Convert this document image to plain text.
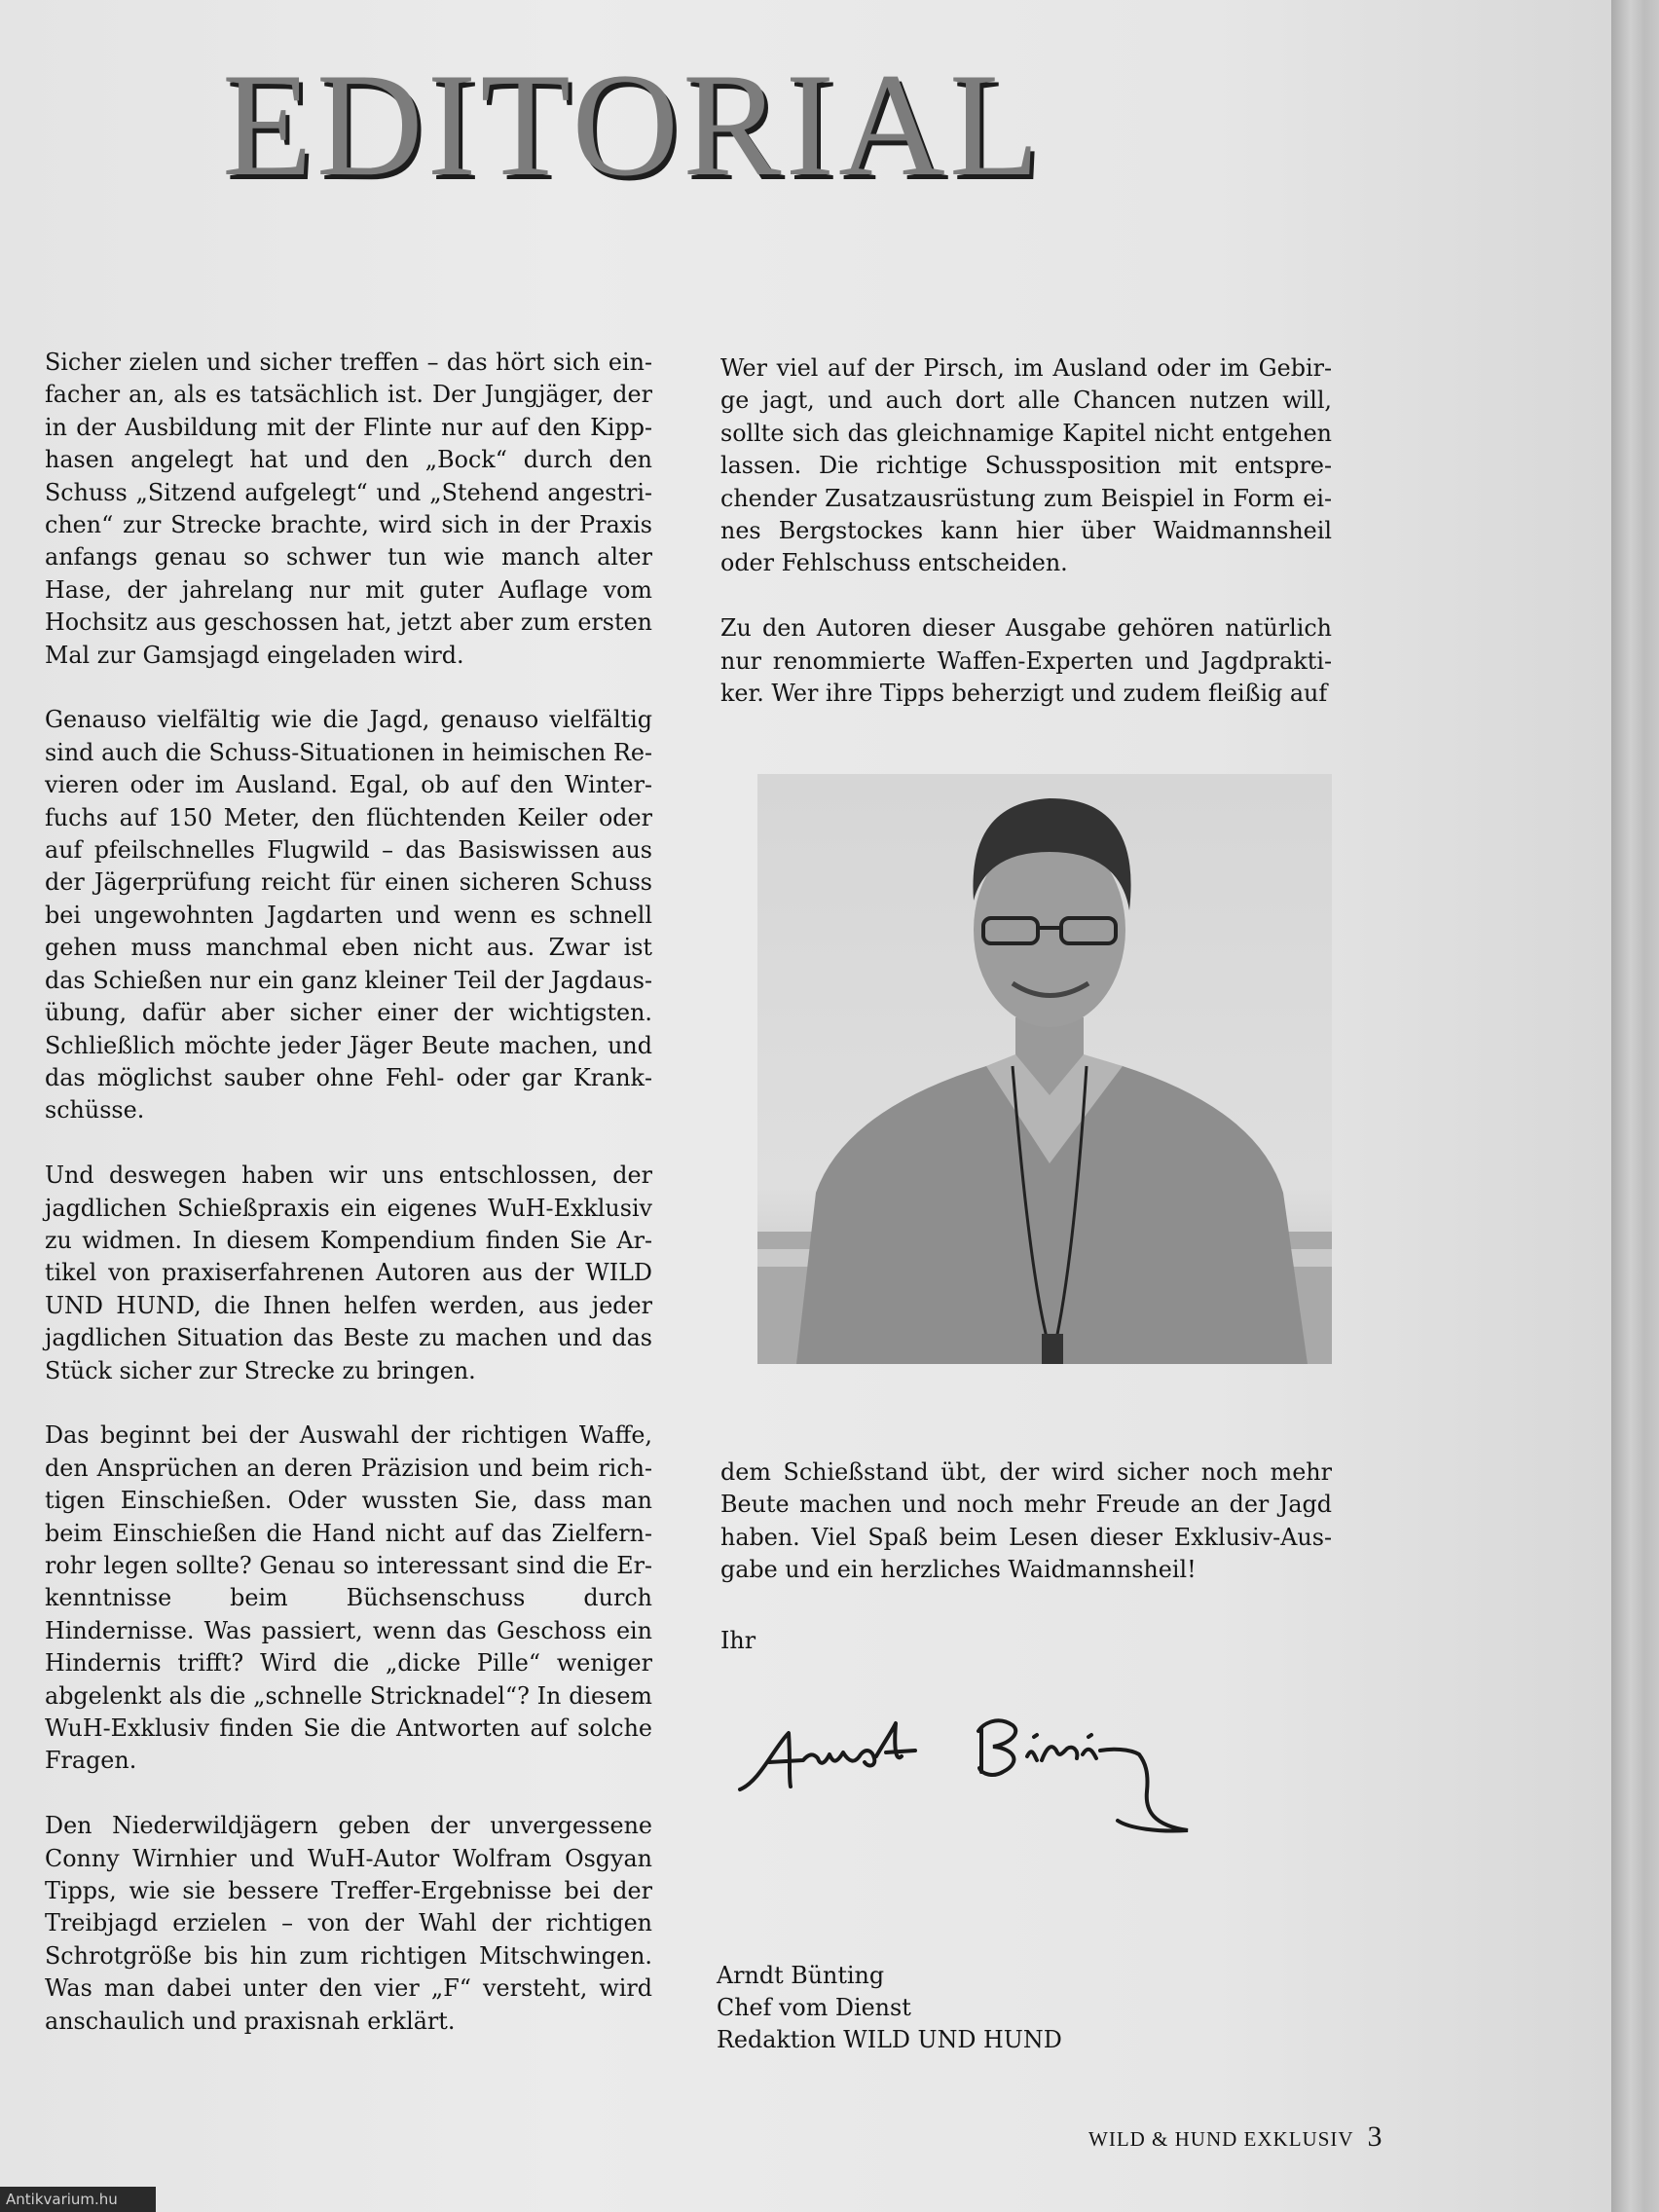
EDITORIAL

Sicher zielen und sicher treffen – das hört sich einfacher an, als es tatsächlich ist. Der Jungjäger, der in der Ausbildung mit der Flinte nur auf den Kipphasen angelegt hat und den „Bock“ durch den Schuss „Sitzend aufgelegt“ und „Stehend angestrichen“ zur Strecke brachte, wird sich in der Praxis anfangs genau so schwer tun wie manch alter Hase, der jahrelang nur mit guter Auflage vom Hochsitz aus geschossen hat, jetzt aber zum ersten Mal zur Gamsjagd eingeladen wird.

Genauso vielfältig wie die Jagd, genauso vielfältig sind auch die Schuss-Situationen in heimischen Revieren oder im Ausland. Egal, ob auf den Winterfuchs auf 150 Meter, den flüchtenden Keiler oder auf pfeilschnelles Flugwild – das Basiswissen aus der Jägerprüfung reicht für einen sicheren Schuss bei ungewohnten Jagdarten und wenn es schnell gehen muss manchmal eben nicht aus. Zwar ist das Schießen nur ein ganz kleiner Teil der Jagdausübung, dafür aber sicher einer der wichtigsten. Schließlich möchte jeder Jäger Beute machen, und das möglichst sauber ohne Fehl- oder gar Krankschüsse.

Und deswegen haben wir uns entschlossen, der jagdlichen Schießpraxis ein eigenes WuH-Exklusiv zu widmen. In diesem Kompendium finden Sie Artikel von praxiserfahrenen Autoren aus der WILD UND HUND, die Ihnen helfen werden, aus jeder jagdlichen Situation das Beste zu machen und das Stück sicher zur Strecke zu bringen.

Das beginnt bei der Auswahl der richtigen Waffe, den Ansprüchen an deren Präzision und beim richtigen Einschießen. Oder wussten Sie, dass man beim Einschießen die Hand nicht auf das Zielfernrohr legen sollte? Genau so interessant sind die Erkenntnisse beim Büchsenschuss durch Hindernisse. Was passiert, wenn das Geschoss ein Hindernis trifft? Wird die „dicke Pille“ weniger abgelenkt als die „schnelle Stricknadel“? In diesem WuH-Exklusiv finden Sie die Antworten auf solche Fragen.

Den Niederwildjägern geben der unvergessene Conny Wirnhier und WuH-Autor Wolfram Osgyan Tipps, wie sie bessere Treffer-Ergebnisse bei der Treibjagd erzielen – von der Wahl der richtigen Schrotgröße bis hin zum richtigen Mitschwingen. Was man dabei unter den vier „F“ versteht, wird anschaulich und praxisnah erklärt.

Wer viel auf der Pirsch, im Ausland oder im Gebirge jagt, und auch dort alle Chancen nutzen will, sollte sich das gleichnamige Kapitel nicht entgehen lassen. Die richtige Schussposition mit entsprechender Zusatzausrüstung zum Beispiel in Form eines Bergstockes kann hier über Waidmannsheil oder Fehlschuss entscheiden.

Zu den Autoren dieser Ausgabe gehören natürlich nur renommierte Waffen-Experten und Jagdpraktiker. Wer ihre Tipps beherzigt und zudem fleißig auf

dem Schießstand übt, der wird sicher noch mehr Beute machen und noch mehr Freude an der Jagd haben. Viel Spaß beim Lesen dieser Exklusiv-Ausgabe und ein herzliches Waidmannsheil!

Ihr
Arndt Bünting
Chef vom Dienst
Redaktion WILD UND HUND
WILD & HUND EXKLUSIV 3
Antikvarium.hu
